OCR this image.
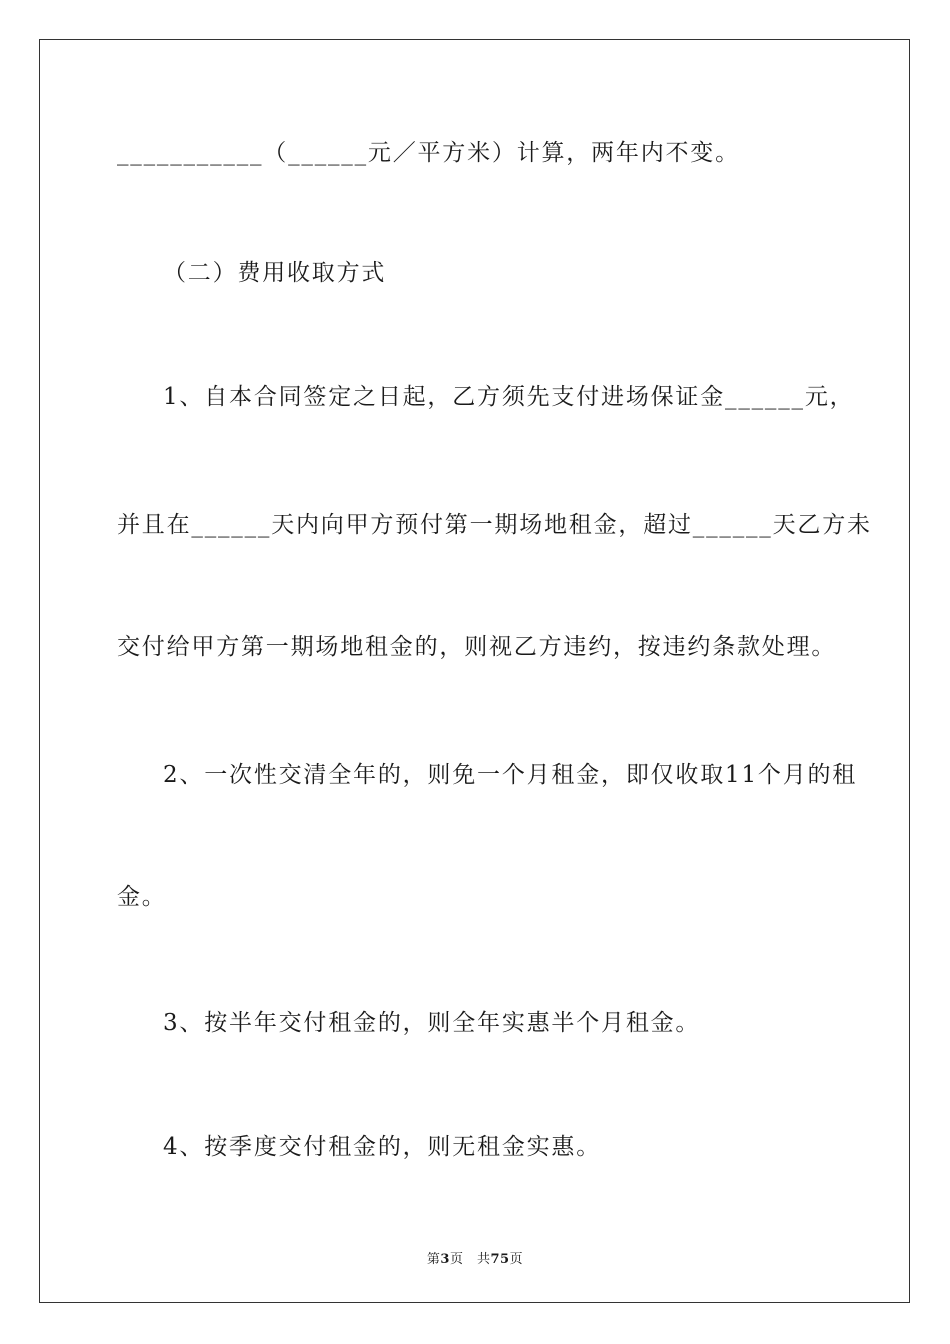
___________（______元／平方米）计算，两年内不变。
（二）费用收取方式
1、自本合同签定之日起，乙方须先支付进场保证金______元，
并且在______天内向甲方预付第一期场地租金，超过______天乙方未
交付给甲方第一期场地租金的，则视乙方违约，按违约条款处理。
2、一次性交清全年的，则免一个月租金，即仅收取11个月的租
金。
3、按半年交付租金的，则全年实惠半个月租金。
4、按季度交付租金的，则无租金实惠。
第3页　共75页
